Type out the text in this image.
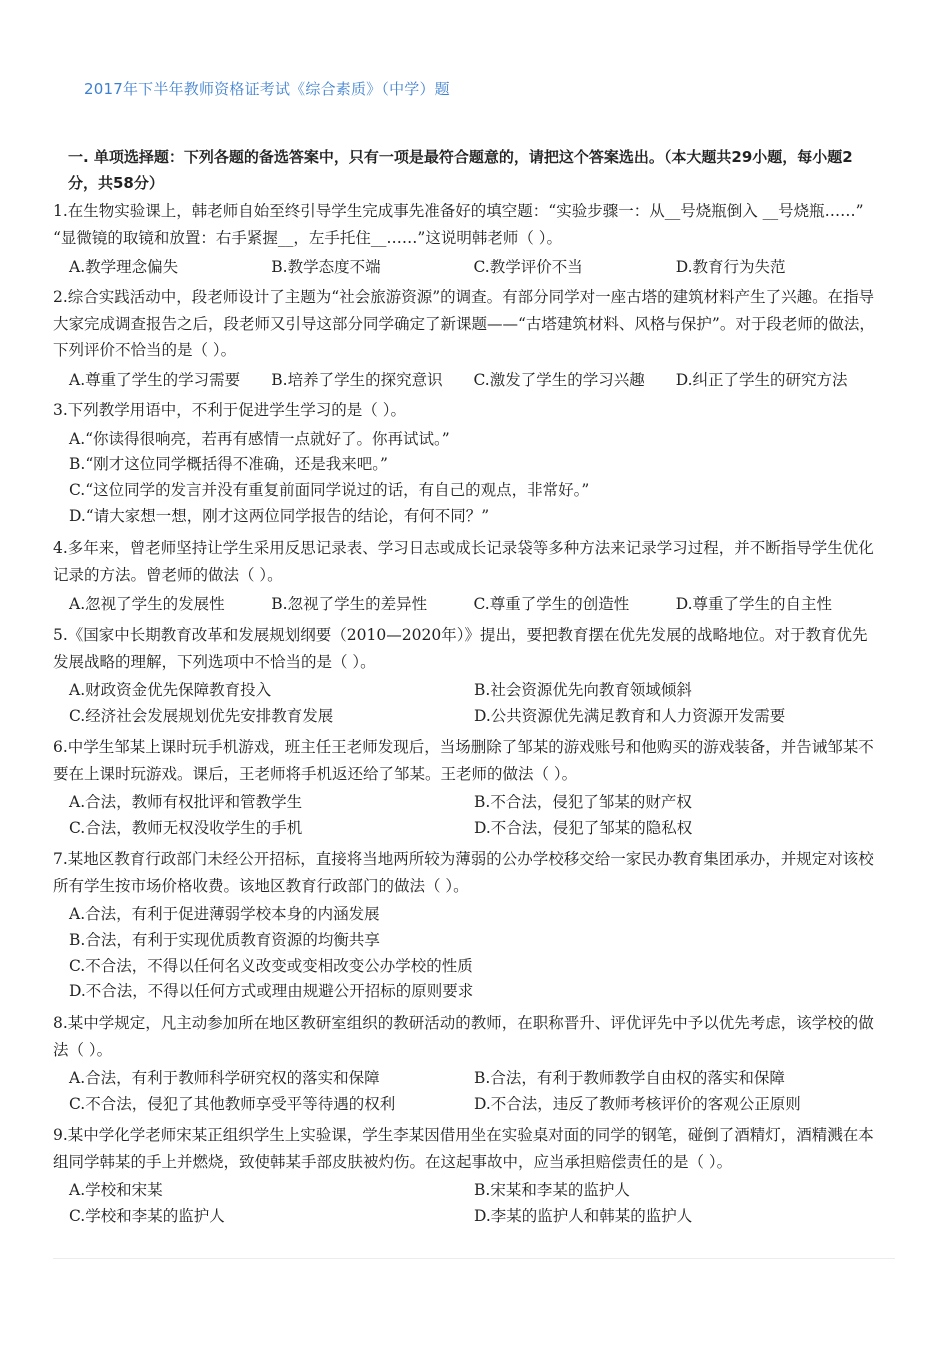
2017年下半年教师资格证考试《综合素质》（中学）题
一. 单项选择题：下列各题的备选答案中，只有一项是最符合题意的，请把这个答案选出。（本大题共29小题，每小题2分，共58分）
1.在生物实验课上，韩老师自始至终引导学生完成事先准备好的填空题：“实验步骤一：从__号烧瓶倒入 __号烧瓶……” “显微镜的取镜和放置：右手紧握__，左手托住__……”这说明韩老师（ ）。
A.教学理念偏失	B.教学态度不端	C.教学评价不当	D.教育行为失范
2.综合实践活动中，段老师设计了主题为“社会旅游资源”的调查。有部分同学对一座古塔的建筑材料产生了兴趣。在指导大家完成调查报告之后，段老师又引导这部分同学确定了新课题——“古塔建筑材料、风格与保护”。对于段老师的做法，下列评价不恰当的是（ ）。
A.尊重了学生的学习需要	B.培养了学生的探究意识	C.激发了学生的学习兴趣	D.纠正了学生的研究方法
3.下列教学用语中，不利于促进学生学习的是（ ）。
A.“你读得很响亮，若再有感情一点就好了。你再试试。”
B.“刚才这位同学概括得不准确，还是我来吧。”
C.“这位同学的发言并没有重复前面同学说过的话，有自己的观点，非常好。”
D.“请大家想一想，刚才这两位同学报告的结论，有何不同？”
4.多年来，曾老师坚持让学生采用反思记录表、学习日志或成长记录袋等多种方法来记录学习过程，并不断指导学生优化记录的方法。曾老师的做法（ ）。
A.忽视了学生的发展性	B.忽视了学生的差异性	C.尊重了学生的创造性	D.尊重了学生的自主性
5.《国家中长期教育改革和发展规划纲要（2010—2020年）》提出，要把教育摆在优先发展的战略地位。对于教育优先发展战略的理解，下列选项中不恰当的是（ ）。
A.财政资金优先保障教育投入	B.社会资源优先向教育领域倾斜
C.经济社会发展规划优先安排教育发展	D.公共资源优先满足教育和人力资源开发需要
6.中学生邹某上课时玩手机游戏，班主任王老师发现后，当场删除了邹某的游戏账号和他购买的游戏装备，并告诫邹某不要在上课时玩游戏。课后，王老师将手机返还给了邹某。王老师的做法（ ）。
A.合法，教师有权批评和管教学生	B.不合法，侵犯了邹某的财产权
C.合法，教师无权没收学生的手机	D.不合法，侵犯了邹某的隐私权
7.某地区教育行政部门未经公开招标，直接将当地两所较为薄弱的公办学校移交给一家民办教育集团承办，并规定对该校所有学生按市场价格收费。该地区教育行政部门的做法（ ）。
A.合法，有利于促进薄弱学校本身的内涵发展
B.合法，有利于实现优质教育资源的均衡共享
C.不合法，不得以任何名义改变或变相改变公办学校的性质
D.不合法，不得以任何方式或理由规避公开招标的原则要求
8.某中学规定，凡主动参加所在地区教研室组织的教研活动的教师，在职称晋升、评优评先中予以优先考虑，该学校的做法（ ）。
A.合法，有利于教师科学研究权的落实和保障	B.合法，有利于教师教学自由权的落实和保障
C.不合法，侵犯了其他教师享受平等待遇的权利	D.不合法，违反了教师考核评价的客观公正原则
9.某中学化学老师宋某正组织学生上实验课，学生李某因借用坐在实验桌对面的同学的钢笔，碰倒了酒精灯，酒精溅在本组同学韩某的手上并燃烧，致使韩某手部皮肤被灼伤。在这起事故中，应当承担赔偿责任的是（ ）。
A.学校和宋某	B.宋某和李某的监护人
C.学校和李某的监护人	D.李某的监护人和韩某的监护人
